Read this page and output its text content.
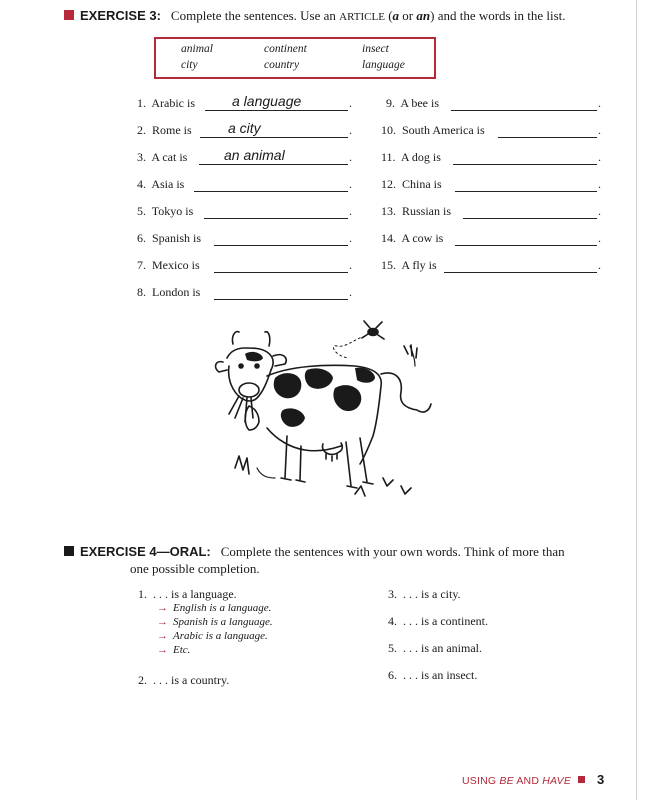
EXERCISE 3: Complete the sentences. Use an ARTICLE (a or an) and the words in the list.
animal	continent	insect
city	country	language
1. Arabic is	a language	.
2. Rome is	a city	.
3. A cat is	an animal	.
4. Asia is	.
5. Tokyo is	.
6. Spanish is	.
7. Mexico is	.
8. London is	.
9. A bee is	.
10. South America is	.
11. A dog is	.
12. China is	.
13. Russian is	.
14. A cow is	.
15. A fly is	.
EXERCISE 4—ORAL: Complete the sentences with your own words. Think of more than
one possible completion.
1. . . . is a language.
→ English is a language.
→ Spanish is a language.
→ Arabic is a language.
→ Etc.
2. . . . is a country.
3. . . . is a city.
4. . . . is a continent.
5. . . . is an animal.
6. . . . is an insect.
USING BE AND HAVE	3
